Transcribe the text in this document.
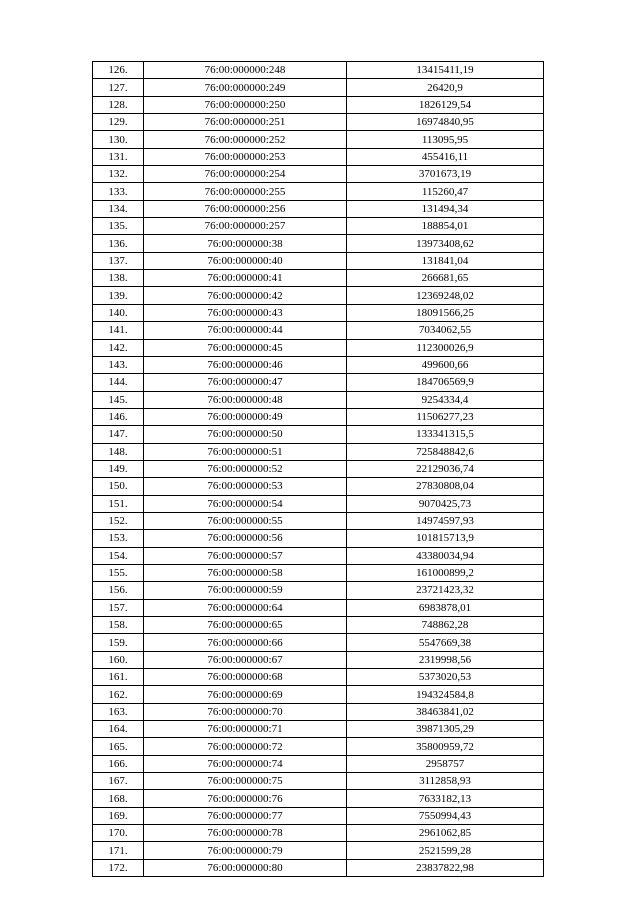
126.	76:00:000000:248	13415411,19
127.	76:00:000000:249	26420,9
128.	76:00:000000:250	1826129,54
129.	76:00:000000:251	16974840,95
130.	76:00:000000:252	113095,95
131.	76:00:000000:253	455416,11
132.	76:00:000000:254	3701673,19
133.	76:00:000000:255	115260,47
134.	76:00:000000:256	131494,34
135.	76:00:000000:257	188854,01
136.	76:00:000000:38	13973408,62
137.	76:00:000000:40	131841,04
138.	76:00:000000:41	266681,65
139.	76:00:000000:42	12369248,02
140.	76:00:000000:43	18091566,25
141.	76:00:000000:44	7034062,55
142.	76:00:000000:45	112300026,9
143.	76:00:000000:46	499600,66
144.	76:00:000000:47	184706569,9
145.	76:00:000000:48	9254334,4
146.	76:00:000000:49	11506277,23
147.	76:00:000000:50	133341315,5
148.	76:00:000000:51	725848842,6
149.	76:00:000000:52	22129036,74
150.	76:00:000000:53	27830808,04
151.	76:00:000000:54	9070425,73
152.	76:00:000000:55	14974597,93
153.	76:00:000000:56	101815713,9
154.	76:00:000000:57	43380034,94
155.	76:00:000000:58	161000899,2
156.	76:00:000000:59	23721423,32
157.	76:00:000000:64	6983878,01
158.	76:00:000000:65	748862,28
159.	76:00:000000:66	5547669,38
160.	76:00:000000:67	2319998,56
161.	76:00:000000:68	5373020,53
162.	76:00:000000:69	194324584,8
163.	76:00:000000:70	38463841,02
164.	76:00:000000:71	39871305,29
165.	76:00:000000:72	35800959,72
166.	76:00:000000:74	2958757
167.	76:00:000000:75	3112858,93
168.	76:00:000000:76	7633182,13
169.	76:00:000000:77	7550994,43
170.	76:00:000000:78	2961062,85
171.	76:00:000000:79	2521599,28
172.	76:00:000000:80	23837822,98
